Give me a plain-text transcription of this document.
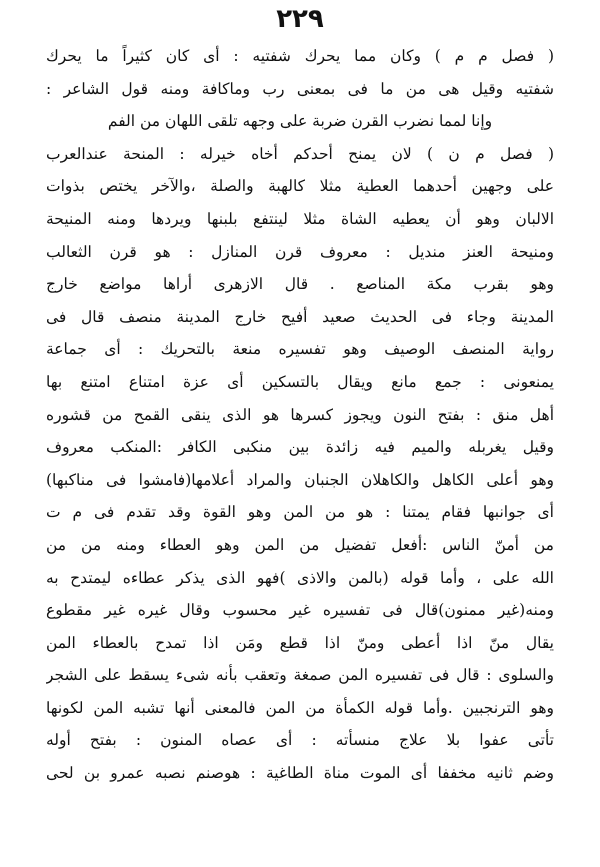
٢٢٩
( فصل م م ) وكان مما يحرك شفتيه : أى كان كثيراً ما يحرك
شفتيه وقيل هى من ما فى بمعنى رب وماكافة ومنه قول الشاعر :
وإنا لمما نضرب القرن ضربة على وجهه تلقى اللهان من الفم
( فصل م ن ) لان يمنح أحدكم أخاه خيرله : المنحة عندالعرب
على وجهين أحدهما العطية مثلا كالهبة والصلة ،والآخر يختص بذوات
الالبان وهو أن يعطيه الشاة مثلا لينتفع بلبنها ويردها ومنه المنيحة
ومنيحة العنز منديل : معروف قرن المنازل : هو قرن الثعالب
وهو بقرب مكة المناصع . قال الازهرى أراها مواضع خارج
المدينة وجاء فى الحديث صعيد أفيح خارج المدينة منصف قال فى
رواية المنصف الوصيف وهو تفسيره منعة بالتحريك : أى جماعة
يمنعونى : جمع مانع ويقال بالتسكين أى عزة امتناع امتنع بها
أهل منق : بفتح النون ويجوز كسرها هو الذى ينقى القمح من قشوره
وقيل يغربله والميم فيه زائدة بين منكبى الكافر :المنكب معروف
وهو أعلى الكاهل والكاهلان الجنبان والمراد أعلامها(فامشوا فى مناكبها)
أى جوانبها فقام يمتنا : هو من المن وهو القوة وقد تقدم فى م ت
من أمنّ الناس :أفعل تفضيل من المن وهو العطاء ومنه من من
الله على ، وأما قوله (بالمن والاذى )فهو الذى يذكر عطاءه ليمتدح به
ومنه(غير ممنون)قال فى تفسيره غير محسوب وقال غيره غير مقطوع
يقال منّ اذا أعطى ومنّ اذا قطع ومَن اذا تمدح بالعطاء المن
والسلوى : قال فى تفسيره المن صمغة وتعقب بأنه شىء يسقط على الشجر
وهو الترنجبين .وأما قوله الكمأة من المن فالمعنى أنها تشبه المن لكونها
تأتى عفوا بلا علاج منسأته : أى عصاه المنون : بفتح أوله
وضم ثانيه مخففا أى الموت مناة الطاغية : هوصنم نصبه عمرو بن لحى
